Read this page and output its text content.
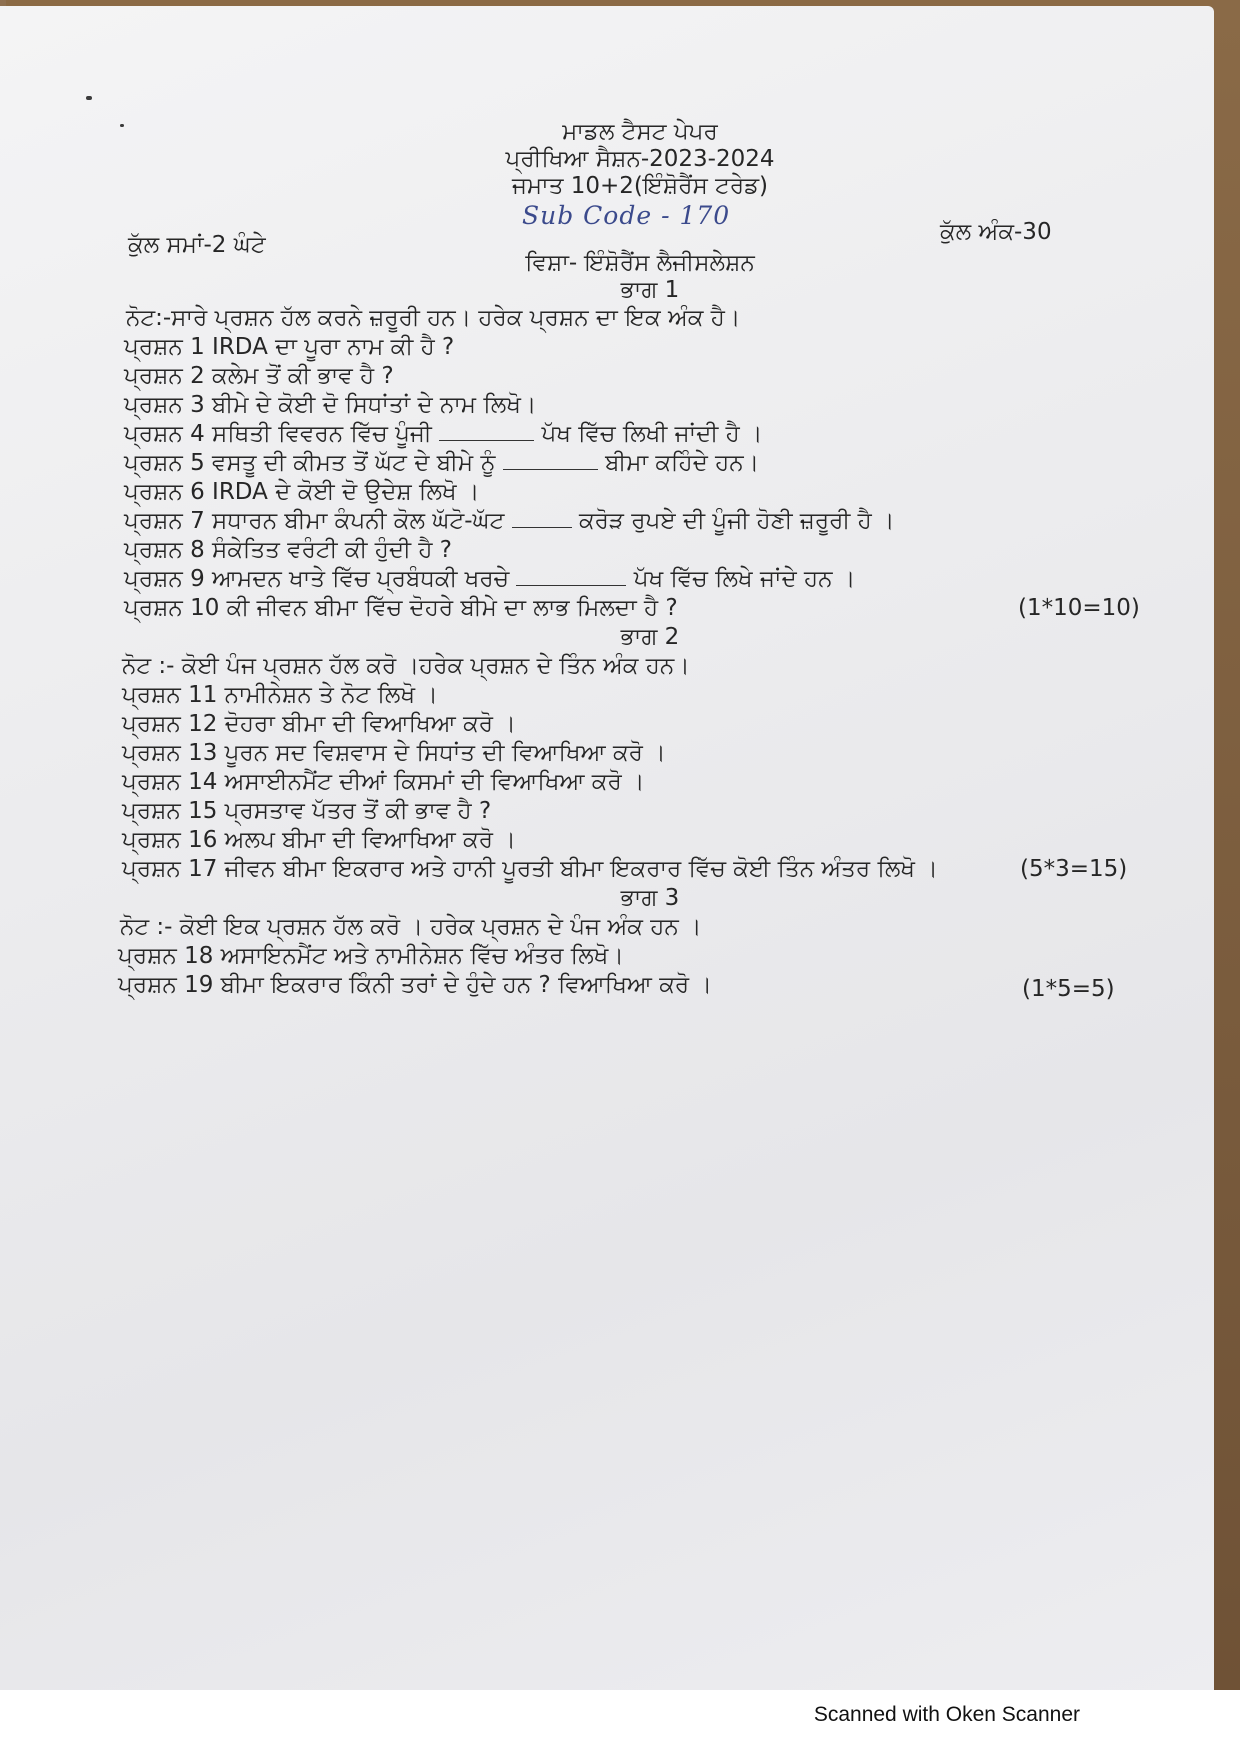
ਮਾਡਲ ਟੈਸਟ ਪੇਪਰ
ਪ੍ਰੀਖਿਆ ਸੈਸ਼ਨ-2023-2024
ਜਮਾਤ 10+2(ਇੰਸ਼ੋਰੈਂਸ ਟਰੇਡ)
Sub Code - 170
ਕੁੱਲ ਸਮਾਂ-2 ਘੰਟੇ	ਕੁੱਲ ਅੰਕ-30
ਵਿਸ਼ਾ- ਇੰਸ਼ੋਰੈਂਸ ਲੈਜੀਸਲੇਸ਼ਨ
ਭਾਗ 1
ਨੋਟ:-ਸਾਰੇ ਪ੍ਰਸ਼ਨ ਹੱਲ ਕਰਨੇ ਜ਼ਰੂਰੀ ਹਨ। ਹਰੇਕ ਪ੍ਰਸ਼ਨ ਦਾ ਇਕ ਅੰਕ ਹੈ।
ਪ੍ਰਸ਼ਨ 1 IRDA ਦਾ ਪੂਰਾ ਨਾਮ ਕੀ ਹੈ ?
ਪ੍ਰਸ਼ਨ 2 ਕਲੇਮ ਤੋਂ ਕੀ ਭਾਵ ਹੈ ?
ਪ੍ਰਸ਼ਨ 3 ਬੀਮੇ ਦੇ ਕੋਈ ਦੋ ਸਿਧਾਂਤਾਂ ਦੇ ਨਾਮ ਲਿਖੋ।
ਪ੍ਰਸ਼ਨ 4 ਸਥਿਤੀ ਵਿਵਰਨ ਵਿੱਚ ਪੂੰਜੀ	ਪੱਖ ਵਿੱਚ ਲਿਖੀ ਜਾਂਦੀ ਹੈ ।
ਪ੍ਰਸ਼ਨ 5 ਵਸਤੂ ਦੀ ਕੀਮਤ ਤੋਂ ਘੱਟ ਦੇ ਬੀਮੇ ਨੂੰ	ਬੀਮਾ ਕਹਿੰਦੇ ਹਨ।
ਪ੍ਰਸ਼ਨ 6 IRDA ਦੇ ਕੋਈ ਦੋ ਉਦੇਸ਼ ਲਿਖੋ ।
ਪ੍ਰਸ਼ਨ 7 ਸਧਾਰਨ ਬੀਮਾ ਕੰਪਨੀ ਕੋਲ ਘੱਟੋ-ਘੱਟ	ਕਰੋੜ ਰੁਪਏ ਦੀ ਪੂੰਜੀ ਹੋਣੀ ਜ਼ਰੂਰੀ ਹੈ ।
ਪ੍ਰਸ਼ਨ 8 ਸੰਕੇਤਿਤ ਵਰੰਟੀ ਕੀ ਹੁੰਦੀ ਹੈ ?
ਪ੍ਰਸ਼ਨ 9 ਆਮਦਨ ਖਾਤੇ ਵਿੱਚ ਪ੍ਰਬੰਧਕੀ ਖਰਚੇ	ਪੱਖ ਵਿੱਚ ਲਿਖੇ ਜਾਂਦੇ ਹਨ ।
ਪ੍ਰਸ਼ਨ 10 ਕੀ ਜੀਵਨ ਬੀਮਾ ਵਿੱਚ ਦੋਹਰੇ ਬੀਮੇ ਦਾ ਲਾਭ ਮਿਲਦਾ ਹੈ ?	(1*10=10)
ਭਾਗ 2
ਨੋਟ :- ਕੋਈ ਪੰਜ ਪ੍ਰਸ਼ਨ ਹੱਲ ਕਰੋ ।ਹਰੇਕ ਪ੍ਰਸ਼ਨ ਦੇ ਤਿੰਨ ਅੰਕ ਹਨ।
ਪ੍ਰਸ਼ਨ 11 ਨਾਮੀਨੇਸ਼ਨ ਤੇ ਨੋਟ ਲਿਖੋ ।
ਪ੍ਰਸ਼ਨ 12 ਦੋਹਰਾ ਬੀਮਾ ਦੀ ਵਿਆਖਿਆ ਕਰੋ ।
ਪ੍ਰਸ਼ਨ 13 ਪੂਰਨ ਸਦ ਵਿਸ਼ਵਾਸ ਦੇ ਸਿਧਾਂਤ ਦੀ ਵਿਆਖਿਆ ਕਰੋ ।
ਪ੍ਰਸ਼ਨ 14 ਅਸਾਈਨਮੈਂਟ ਦੀਆਂ ਕਿਸਮਾਂ ਦੀ ਵਿਆਖਿਆ ਕਰੋ ।
ਪ੍ਰਸ਼ਨ 15 ਪ੍ਰਸਤਾਵ ਪੱਤਰ ਤੋਂ ਕੀ ਭਾਵ ਹੈ ?
ਪ੍ਰਸ਼ਨ 16 ਅਲਪ ਬੀਮਾ ਦੀ ਵਿਆਖਿਆ ਕਰੋ ।
ਪ੍ਰਸ਼ਨ 17 ਜੀਵਨ ਬੀਮਾ ਇਕਰਾਰ ਅਤੇ ਹਾਨੀ ਪੂਰਤੀ ਬੀਮਾ ਇਕਰਾਰ ਵਿੱਚ ਕੋਈ ਤਿੰਨ ਅੰਤਰ ਲਿਖੋ ।	(5*3=15)
ਭਾਗ 3
ਨੋਟ :- ਕੋਈ ਇਕ ਪ੍ਰਸ਼ਨ ਹੱਲ ਕਰੋ । ਹਰੇਕ ਪ੍ਰਸ਼ਨ ਦੇ ਪੰਜ ਅੰਕ ਹਨ ।
ਪ੍ਰਸ਼ਨ 18 ਅਸਾਇਨਮੈਂਟ ਅਤੇ ਨਾਮੀਨੇਸ਼ਨ ਵਿੱਚ ਅੰਤਰ ਲਿਖੋ।
ਪ੍ਰਸ਼ਨ 19 ਬੀਮਾ ਇਕਰਾਰ ਕਿੰਨੀ ਤਰਾਂ ਦੇ ਹੁੰਦੇ ਹਨ ? ਵਿਆਖਿਆ ਕਰੋ ।	(1*5=5)
Scanned with Oken Scanner
